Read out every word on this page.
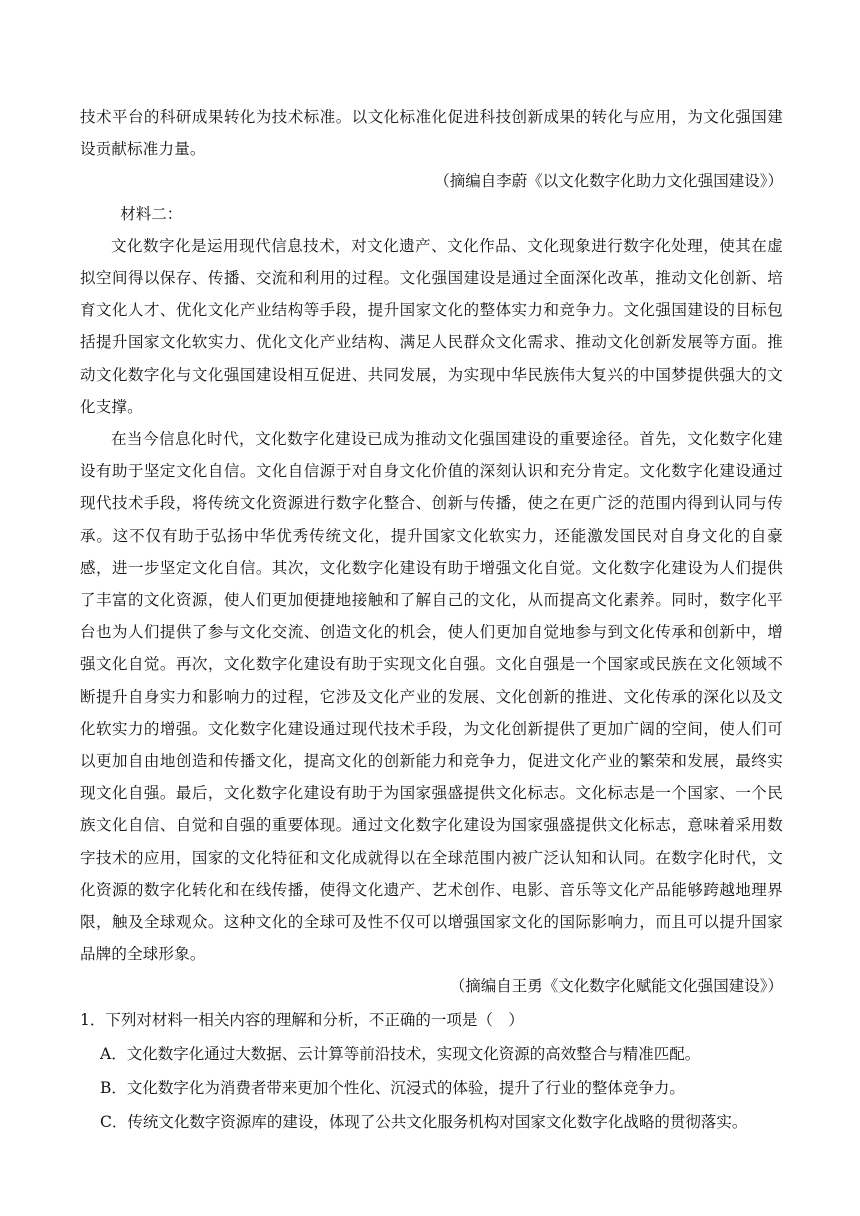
技术平台的科研成果转化为技术标准。以文化标准化促进科技创新成果的转化与应用，为文化强国建设贡献标准力量。

（摘编自李蔚《以文化数字化助力文化强国建设》）

材料二：

文化数字化是运用现代信息技术，对文化遗产、文化作品、文化现象进行数字化处理，使其在虚拟空间得以保存、传播、交流和利用的过程。文化强国建设是通过全面深化改革，推动文化创新、培育文化人才、优化文化产业结构等手段，提升国家文化的整体实力和竞争力。文化强国建设的目标包括提升国家文化软实力、优化文化产业结构、满足人民群众文化需求、推动文化创新发展等方面。推动文化数字化与文化强国建设相互促进、共同发展，为实现中华民族伟大复兴的中国梦提供强大的文化支撑。

在当今信息化时代，文化数字化建设已成为推动文化强国建设的重要途径。首先，文化数字化建设有助于坚定文化自信。文化自信源于对自身文化价值的深刻认识和充分肯定。文化数字化建设通过现代技术手段，将传统文化资源进行数字化整合、创新与传播，使之在更广泛的范围内得到认同与传承。这不仅有助于弘扬中华优秀传统文化，提升国家文化软实力，还能激发国民对自身文化的自豪感，进一步坚定文化自信。其次，文化数字化建设有助于增强文化自觉。文化数字化建设为人们提供了丰富的文化资源，使人们更加便捷地接触和了解自己的文化，从而提高文化素养。同时，数字化平台也为人们提供了参与文化交流、创造文化的机会，使人们更加自觉地参与到文化传承和创新中，增强文化自觉。再次，文化数字化建设有助于实现文化自强。文化自强是一个国家或民族在文化领域不断提升自身实力和影响力的过程，它涉及文化产业的发展、文化创新的推进、文化传承的深化以及文化软实力的增强。文化数字化建设通过现代技术手段，为文化创新提供了更加广阔的空间，使人们可以更加自由地创造和传播文化，提高文化的创新能力和竞争力，促进文化产业的繁荣和发展，最终实现文化自强。最后，文化数字化建设有助于为国家强盛提供文化标志。文化标志是一个国家、一个民族文化自信、自觉和自强的重要体现。通过文化数字化建设为国家强盛提供文化标志，意味着采用数字技术的应用，国家的文化特征和文化成就得以在全球范围内被广泛认知和认同。在数字化时代，文化资源的数字化转化和在线传播，使得文化遗产、艺术创作、电影、音乐等文化产品能够跨越地理界限，触及全球观众。这种文化的全球可及性不仅可以增强国家文化的国际影响力，而且可以提升国家品牌的全球形象。

（摘编自王勇《文化数字化赋能文化强国建设》）

1．下列对材料一相关内容的理解和分析，不正确的一项是（　）

A．文化数字化通过大数据、云计算等前沿技术，实现文化资源的高效整合与精准匹配。

B．文化数字化为消费者带来更加个性化、沉浸式的体验，提升了行业的整体竞争力。

C．传统文化数字资源库的建设，体现了公共文化服务机构对国家文化数字化战略的贯彻落实。
